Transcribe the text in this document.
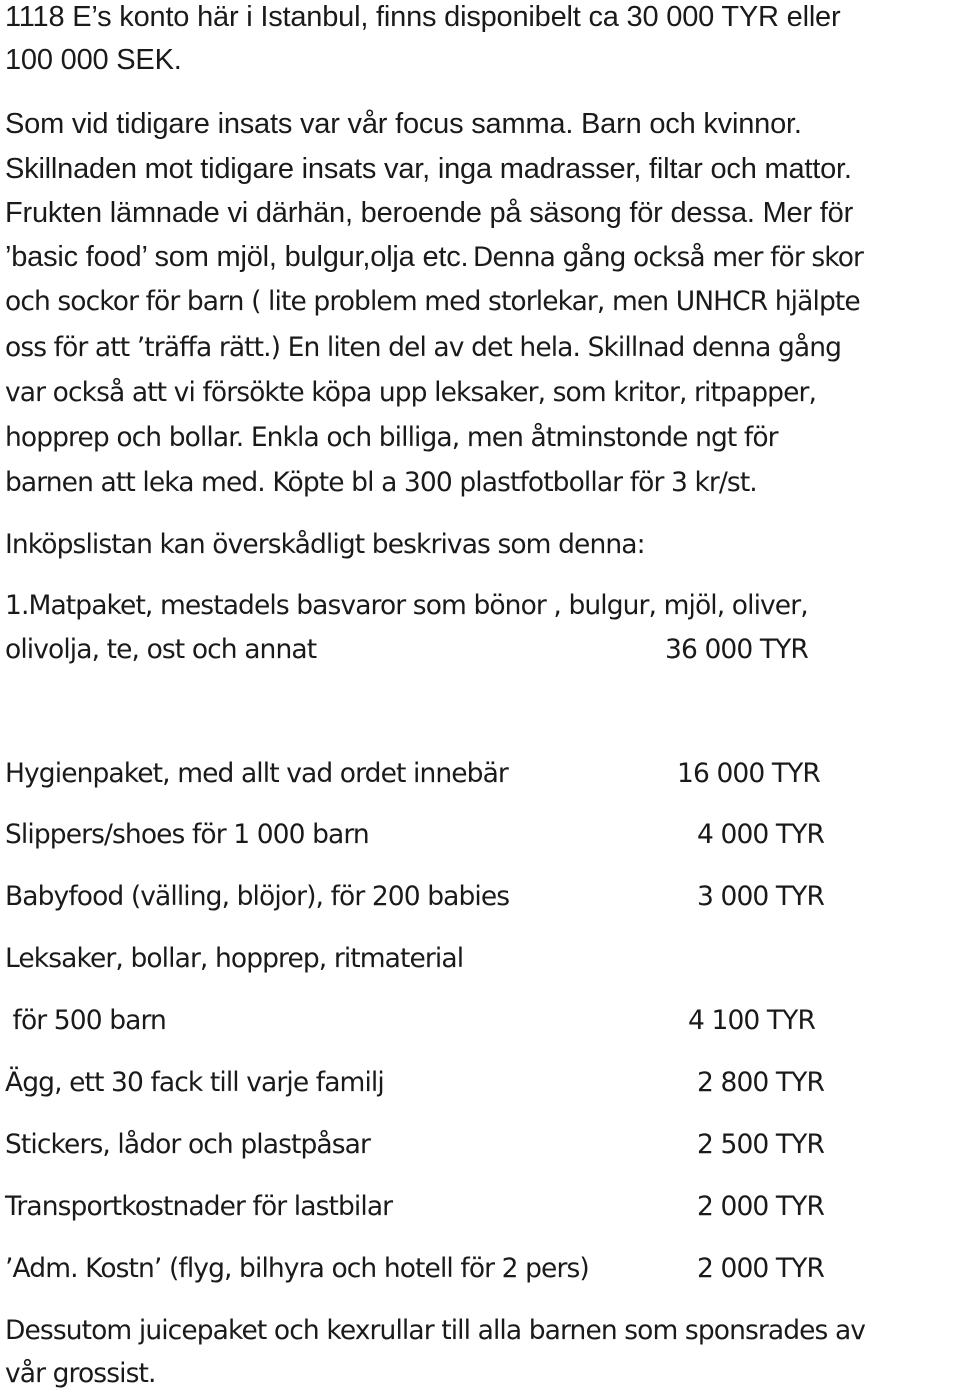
1118 E’s konto här i Istanbul, finns disponibelt ca 30 000 TYR eller

100 000 SEK.

Som vid tidigare insats var vår focus samma. Barn och kvinnor.

Skillnaden mot tidigare insats var, inga madrasser, filtar och mattor.

Frukten lämnade vi därhän, beroende på säsong för dessa. Mer för

’basic food’ som mjöl, bulgur,olja etc. Denna gång också mer för skor

och sockor för barn ( lite problem med storlekar, men UNHCR hjälpte

oss för att ’träffa rätt.) En liten del av det hela. Skillnad denna gång

var också att vi försökte köpa upp leksaker, som kritor, ritpapper,

hopprep och bollar. Enkla och billiga, men åtminstonde ngt för

barnen att leka med. Köpte bl a 300 plastfotbollar för 3 kr/st.

Inköpslistan kan överskådligt beskrivas som denna:

1.Matpaket, mestadels basvaror som bönor , bulgur, mjöl, oliver,

olivolja, te, ost och annat	36 000 TYR

Hygienpaket, med allt vad ordet innebär	16 000 TYR
Slippers/shoes för 1 000 barn	4 000 TYR
Babyfood (välling, blöjor), för 200 babies	3 000 TYR
Leksaker, bollar, hopprep, ritmaterial
för 500 barn	4 100 TYR
Ägg, ett 30 fack till varje familj	2 800 TYR
Stickers, lådor och plastpåsar	2 500 TYR
Transportkostnader för lastbilar	2 000 TYR
’Adm. Kostn’ (flyg, bilhyra och hotell för 2 pers)	2 000 TYR

Dessutom juicepaket och kexrullar till alla barnen som sponsrades av

vår grossist.
